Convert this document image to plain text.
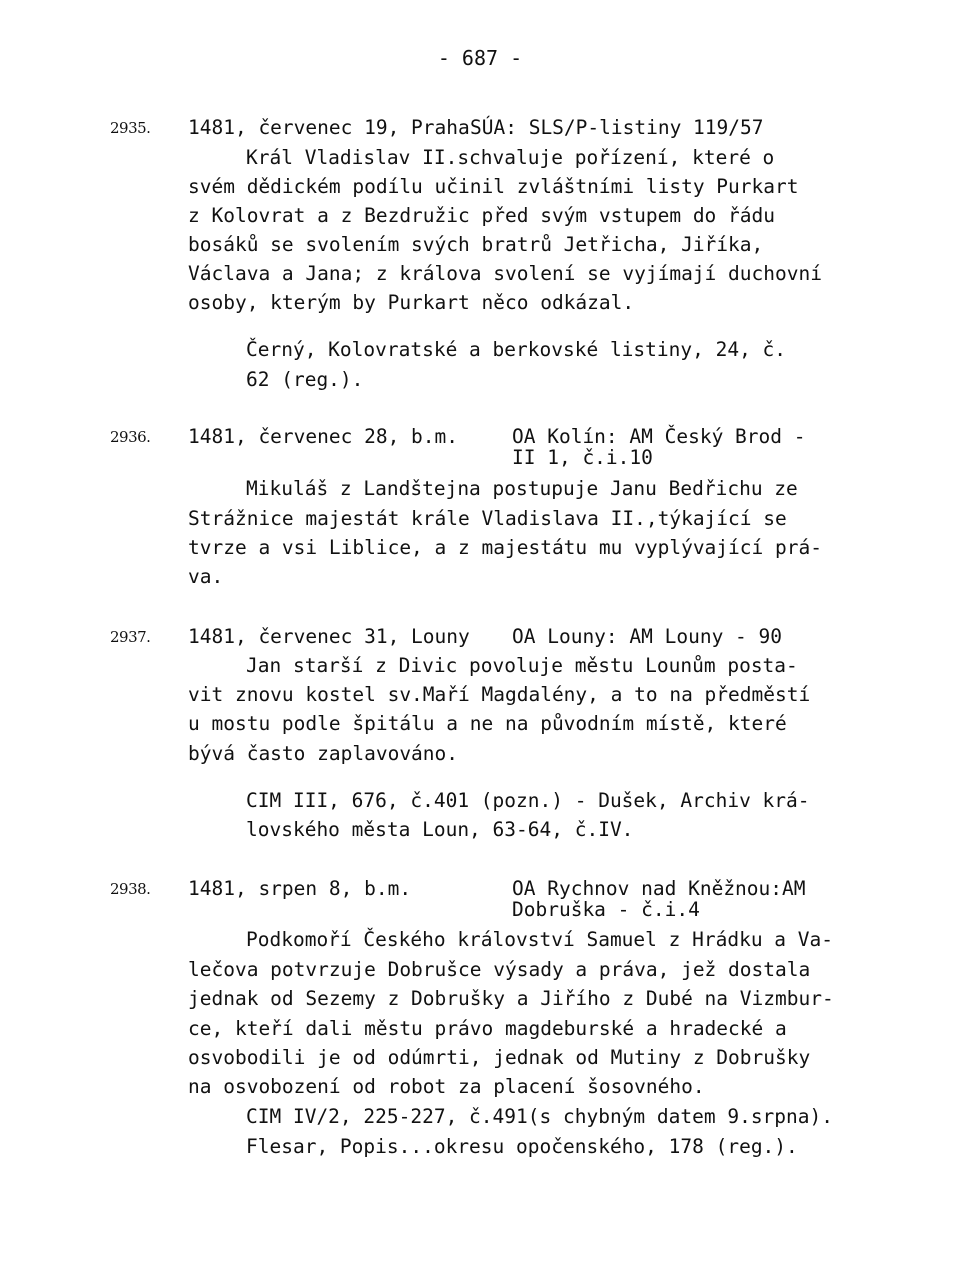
- 687 -
2935. 1481, červenec 19, Praha SÚA: SLS/P-listiny 119/57
Král Vladislav II.schvaluje pořízení, které o
svém dědickém podílu učinil zvláštními listy Purkart
z Kolovrat a z Bezdružic před svým vstupem do řádu
bosáků se svolením svých bratrů Jetřicha, Jiříka,
Václava a Jana; z králova svolení se vyjímají duchovní
osoby, kterým by Purkart něco odkázal.
Černý, Kolovratské a berkovské listiny, 24, č.
62 (reg.).
2936. 1481, červenec 28, b.m.	OA Kolín: AM Český Brod -
II 1, č.i.10
Mikuláš z Landštejna postupuje Janu Bedřichu ze
Strážnice majestát krále Vladislava II.,týkající se
tvrze a vsi Liblice, a z majestátu mu vyplývající prá-
va.
2937. 1481, červenec 31, Louny OA Louny: AM Louny - 90
Jan starší z Divic povoluje městu Lounům posta-
vit znovu kostel sv.Maří Magdalény, a to na předměstí
u mostu podle špitálu a ne na původním místě, které
bývá často zaplavováno.
CIM III, 676, č.401 (pozn.) - Dušek, Archiv krá-
lovského města Loun, 63-64, č.IV.
2938. 1481, srpen 8, b.m.	OA Rychnov nad Kněžnou:AM
Dobruška - č.i.4
Podkomoří Českého království Samuel z Hrádku a Va-
lečova potvrzuje Dobrušce výsady a práva, jež dostala
jednak od Sezemy z Dobrušky a Jiřího z Dubé na Vizmbur-
ce, kteří dali městu právo magdeburské a hradecké a
osvobodili je od odúmrti, jednak od Mutiny z Dobrušky
na osvobození od robot za placení šosovného.
CIM IV/2, 225-227, č.491(s chybným datem 9.srpna).
Flesar, Popis...okresu opočenského, 178 (reg.).
